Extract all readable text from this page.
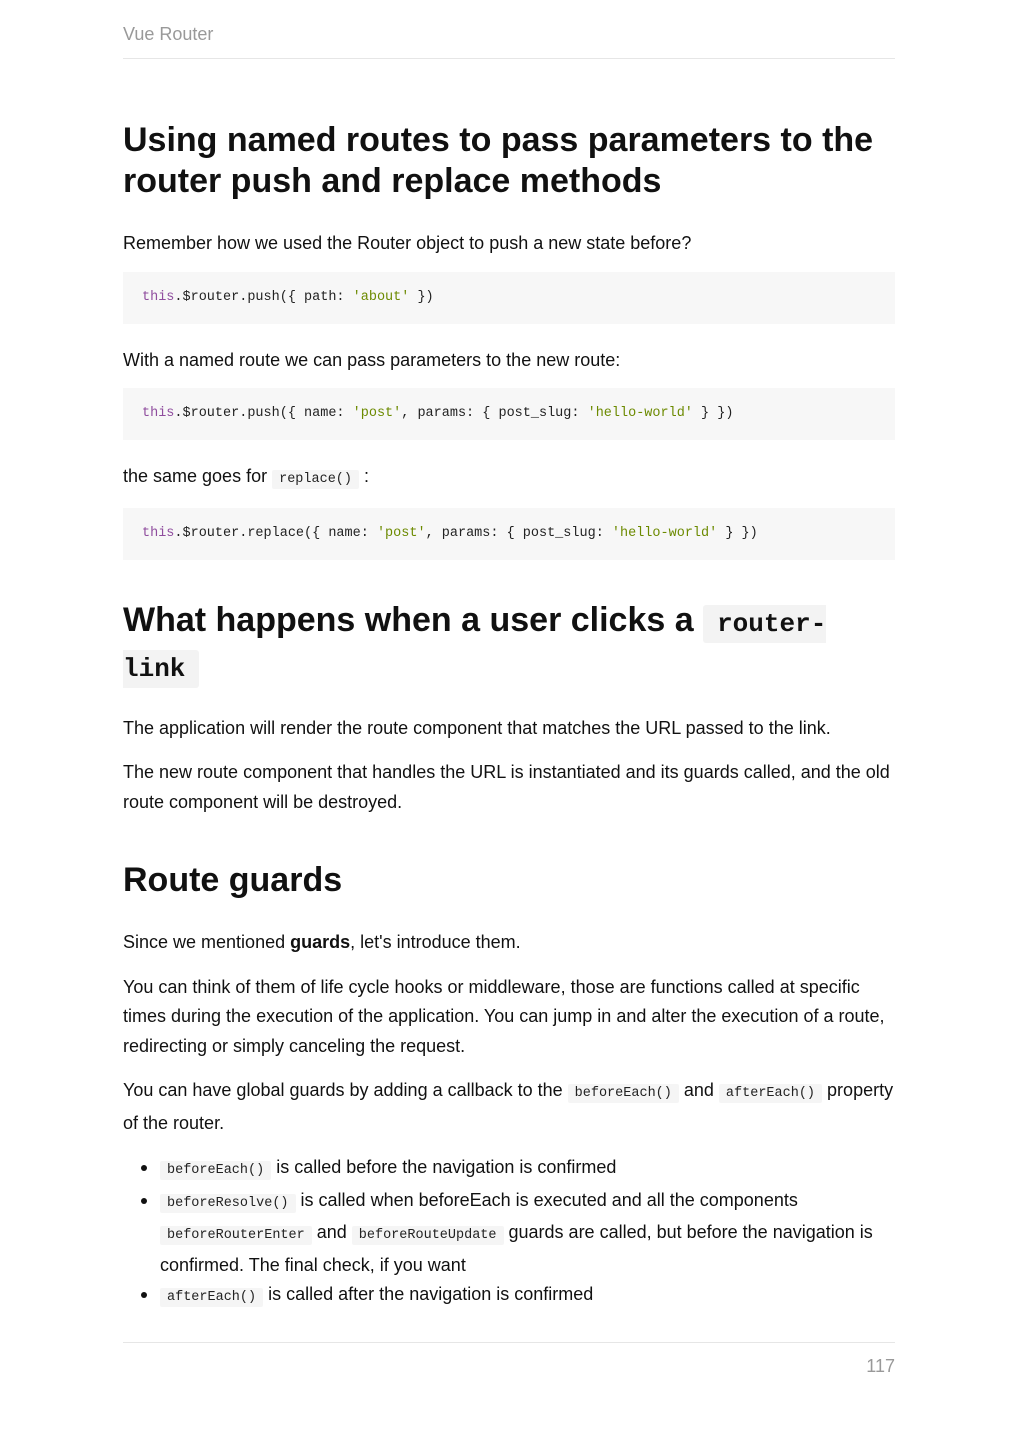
Vue Router
Using named routes to pass parameters to the router push and replace methods

Remember how we used the Router object to push a new state before?

this.$router.push({ path: 'about' })

With a named route we can pass parameters to the new route:

this.$router.push({ name: 'post', params: { post_slug: 'hello-world' } })

the same goes for replace() :

this.$router.replace({ name: 'post', params: { post_slug: 'hello-world' } })
What happens when a user clicks a router-link

The application will render the route component that matches the URL passed to the link.

The new route component that handles the URL is instantiated and its guards called, and the old route component will be destroyed.

Route guards

Since we mentioned guards, let's introduce them.

You can think of them of life cycle hooks or middleware, those are functions called at specific times during the execution of the application. You can jump in and alter the execution of a route, redirecting or simply canceling the request.

You can have global guards by adding a callback to the beforeEach() and afterEach() property of the router.

beforeEach() is called before the navigation is confirmed
beforeResolve() is called when beforeEach is executed and all the components beforeRouterEnter and beforeRouteUpdate guards are called, but before the navigation is confirmed. The final check, if you want
afterEach() is called after the navigation is confirmed
117
